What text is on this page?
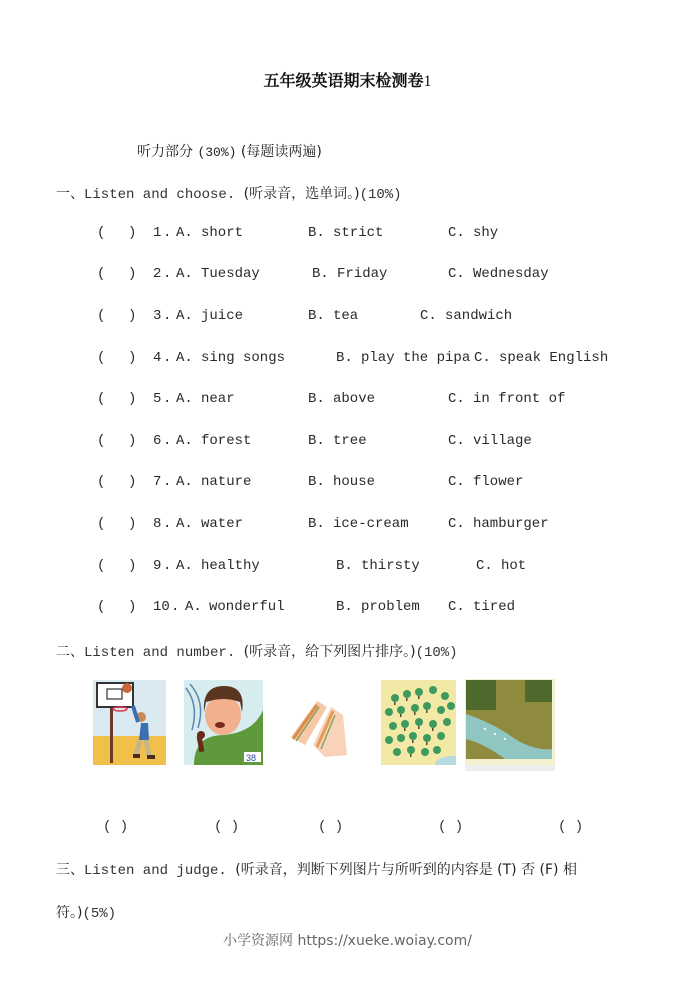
五年级英语期末检测卷1
听力部分 (30%) (每题读两遍)
一、Listen and choose. (听录音，选单词。)(10%)
( ) 1 A. short	B. strict	C. shy
.
( ) 2 A. Tuesday	B. Friday	C. Wednesday
.
( ) 3 A. juice	B. tea	C. sandwich
.
( ) 4 A. sing songs	B. play the pipa C. speak English
.
( ) 5 A. near	B. above	C. in front of
.
( ) 6 A. forest	B. tree	C. village
.
( ) 7 A. nature	B. house	C. flower
.
( ) 8 A. water	B. ice-cream	C. hamburger
.
( ) 9 A. healthy	B. thirsty	C. hot
.
( ) 10 A. wonderful	B. problem C. tired
.
二、Listen and number. (听录音，给下列图片排序。)(10%)
38
( )	( )	( )	( )	( )
三、Listen and judge. (听录音，判断下列图片与所听到的内容是 (T) 否 (F) 相
符。)(5%)
小学资源网 https://xueke.woiay.com/
